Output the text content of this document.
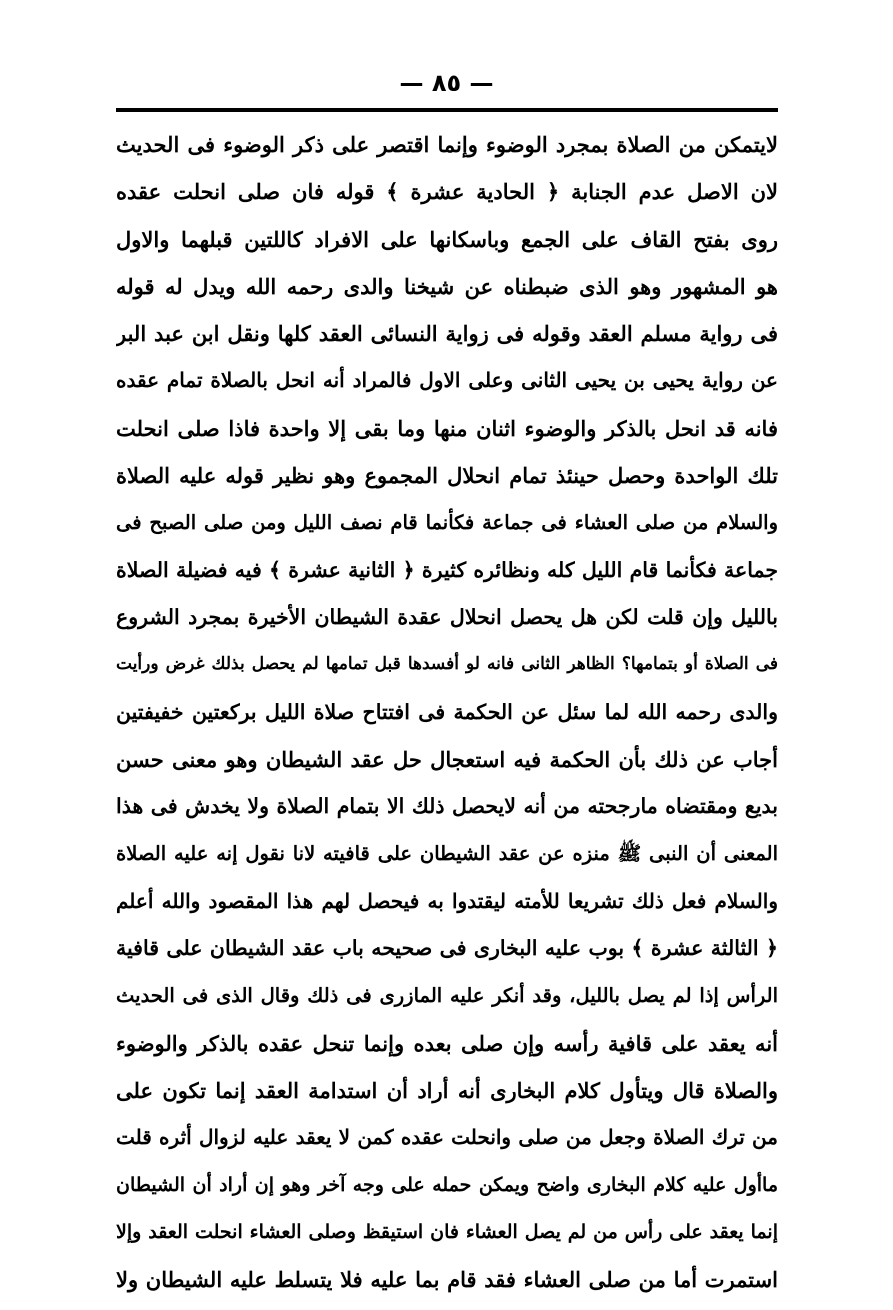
— ٨٥ —
لايتمكن من الصلاة بمجرد الوضوء وإنما اقتصر على ذكر الوضوء فى الحديث
لان الاصل عدم الجنابة ﴿ الحادية عشرة ﴾ قوله فان صلى انحلت عقده
روى بفتح القاف على الجمع وباسكانها على الافراد كاللتين قبلهما والاول
هو المشهور وهو الذى ضبطناه عن شيخنا والدى رحمه الله ويدل له قوله
فى رواية مسلم العقد وقوله فى زواية النسائى العقد كلها ونقل ابن عبد البر
عن رواية يحيى بن يحيى الثانى وعلى الاول فالمراد أنه انحل بالصلاة تمام عقده
فانه قد انحل بالذكر والوضوء اثنان منها وما بقى إلا واحدة فاذا صلى انحلت
تلك الواحدة وحصل حينئذ تمام انحلال المجموع وهو نظير قوله عليه الصلاة
والسلام من صلى العشاء فى جماعة فكأنما قام نصف الليل ومن صلى الصبح فى
جماعة فكأنما قام الليل كله ونظائره كثيرة ﴿ الثانية عشرة ﴾ فيه فضيلة الصلاة
بالليل وإن قلت لكن هل يحصل انحلال عقدة الشيطان الأخيرة بمجرد الشروع
فى الصلاة أو بتمامها؟ الظاهر الثانى فانه لو أفسدها قبل تمامها لم يحصل بذلك غرض ورأيت
والدى رحمه الله لما سئل عن الحكمة فى افتتاح صلاة الليل بركعتين خفيفتين
أجاب عن ذلك بأن الحكمة فيه استعجال حل عقد الشيطان وهو معنى حسن
بديع ومقتضاه مارجحته من أنه لايحصل ذلك الا بتمام الصلاة ولا يخدش فى هذا
المعنى أن النبى ﷺ منزه عن عقد الشيطان على قافيته لانا نقول إنه عليه الصلاة
والسلام فعل ذلك تشريعا للأمته ليقتدوا به فيحصل لهم هذا المقصود والله أعلم
﴿ الثالثة عشرة ﴾ بوب عليه البخارى فى صحيحه باب عقد الشيطان على قافية
الرأس إذا لم يصل بالليل، وقد أنكر عليه المازرى فى ذلك وقال الذى فى الحديث
أنه يعقد على قافية رأسه وإن صلى بعده وإنما تنحل عقده بالذكر والوضوء
والصلاة قال ويتأول كلام البخارى أنه أراد أن استدامة العقد إنما تكون على
من ترك الصلاة وجعل من صلى وانحلت عقده كمن لا يعقد عليه لزوال أثره قلت
ماأول عليه كلام البخارى واضح ويمكن حمله على وجه آخر وهو إن أراد أن الشيطان
إنما يعقد على رأس من لم يصل العشاء فان استيقظ وصلى العشاء انحلت العقد وإلا
استمرت أما من صلى العشاء فقد قام بما عليه فلا يتسلط عليه الشيطان ولا
